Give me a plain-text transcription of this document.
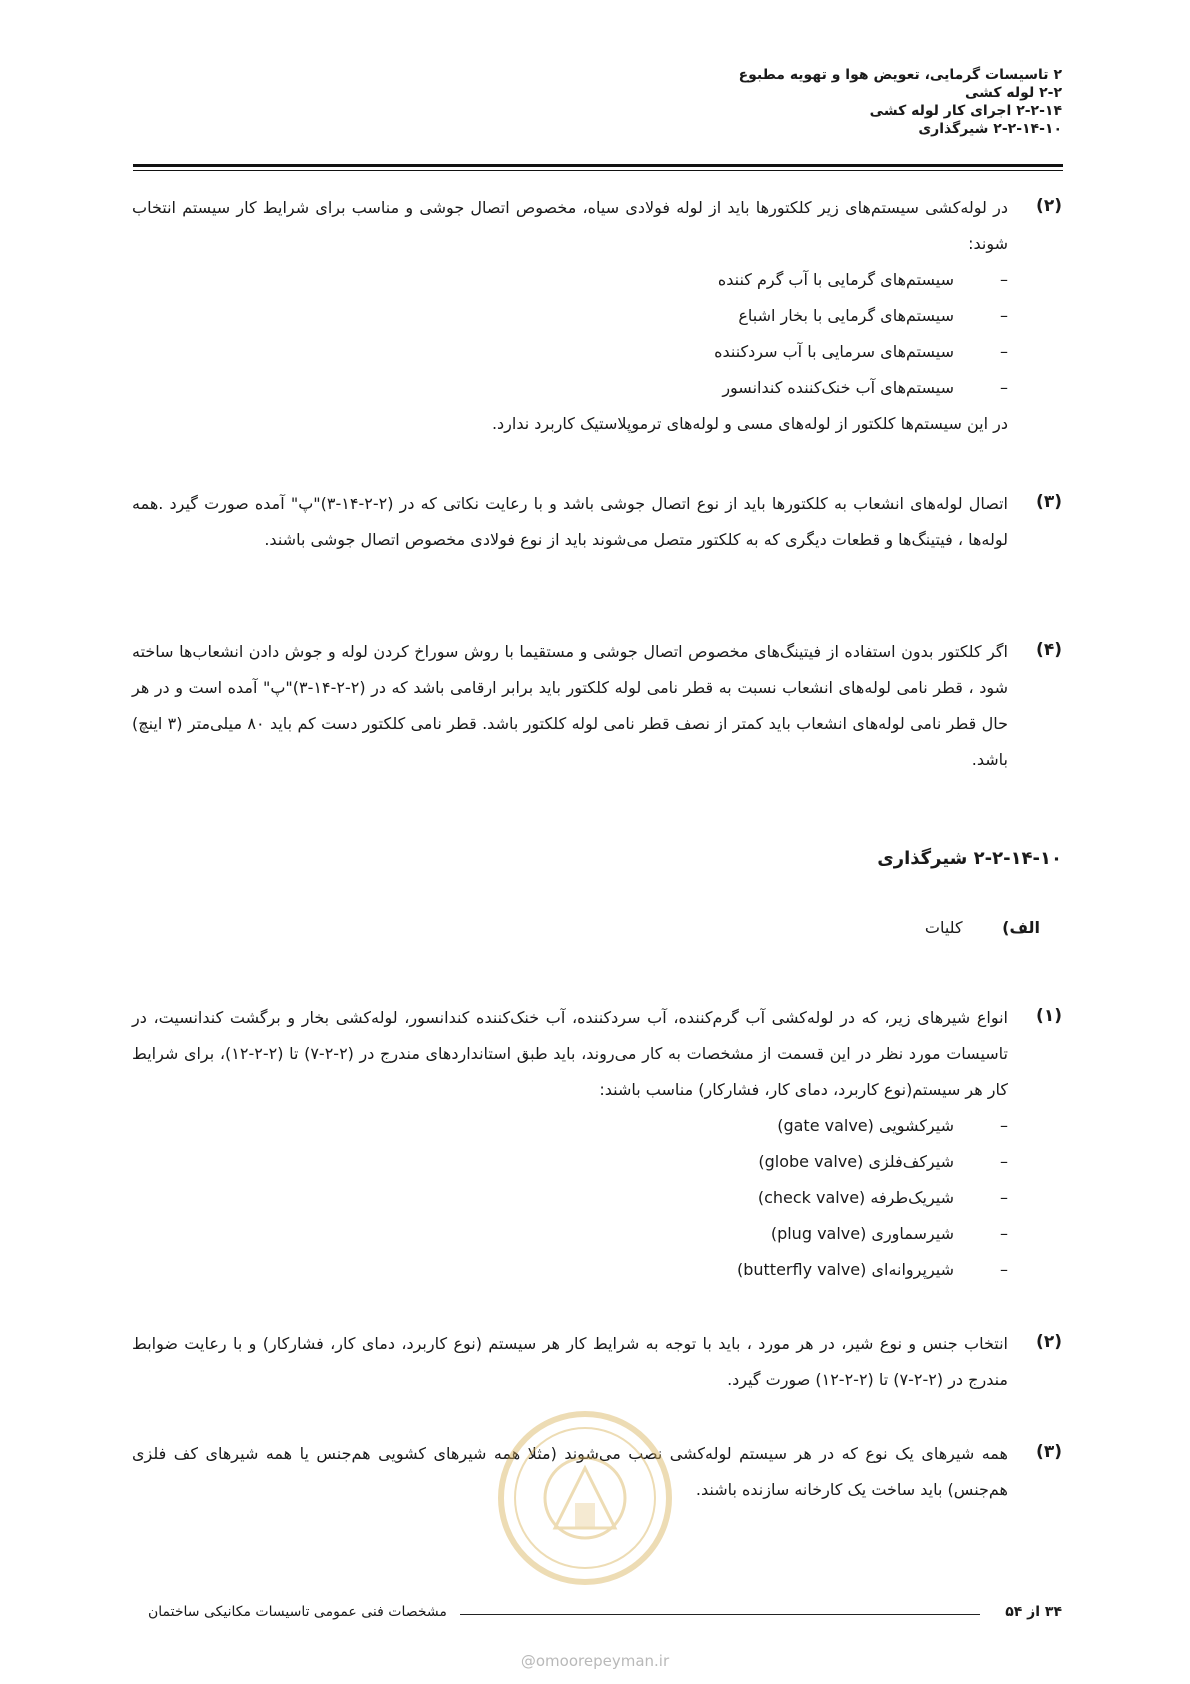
۲ تاسیسات گرمایی، تعویض هوا و تهویه مطبوع
۲-۲ لوله کشی
۲-۲-۱۴ اجرای کار لوله کشی
۲-۲-۱۴-۱۰ شیرگذاری
(۲)

در لوله‌کشی سیستم‌های زیر کلکتورها باید از لوله فولادی سیاه، مخصوص اتصال جوشی و مناسب برای شرایط کار سیستم انتخاب شوند:

– سیستم‌های گرمایی با آب گرم کننده
– سیستم‌های گرمایی با بخار اشباع
– سیستم‌های سرمایی با آب سردکننده
– سیستم‌های آب خنک‌کننده کندانسور

در این سیستم‌ها کلکتور از لوله‌های مسی و لوله‌های ترموپلاستیک کاربرد ندارد.

(۳)

اتصال لوله‌های انشعاب به کلکتورها باید از نوع اتصال جوشی باشد و با رعایت نکاتی که در (۲-۲-۱۴-۳)"پ" آمده صورت گیرد .همه لوله‌ها ، فیتینگ‌ها و قطعات دیگری که به کلکتور متصل می‌شوند باید از نوع فولادی مخصوص اتصال جوشی باشند.

(۴)

اگر کلکتور بدون استفاده از فیتینگ‌های مخصوص اتصال جوشی و مستقیما با روش سوراخ کردن لوله و جوش دادن انشعاب‌ها ساخته شود ، قطر نامی لوله‌های انشعاب نسبت به قطر نامی لوله کلکتور باید برابر ارقامی باشد که در (۲-۲-۱۴-۳)"پ" آمده است و در هر حال قطر نامی لوله‌های انشعاب باید کمتر از نصف قطر نامی لوله کلکتور باشد. قطر نامی کلکتور دست کم باید ۸۰ میلی‌متر (۳ اینچ) باشد.

۲-۲-۱۴-۱۰ شیرگذاری
الف) کلیات
(۱)

انواع شیرهای زیر، که در لوله‌کشی آب گرم‌کننده، آب سردکننده، آب خنک‌کننده کندانسور، لوله‌کشی بخار و برگشت کندانسیت، در تاسیسات مورد نظر در این قسمت از مشخصات به کار می‌روند، باید طبق استانداردهای مندرج در (۲-۲-۷) تا (۲-۲-۱۲)، برای شرایط کار هر سیستم(نوع کاربرد، دمای کار، فشارکار) مناسب باشند:

– شیرکشویی (gate valve)
– شیرکف‌فلزی (globe valve)
– شیریک‌طرفه (check valve)
– شیرسماوری (plug valve)
– شیرپروانه‌ای (butterfly valve)
(۲)

انتخاب جنس و نوع شیر، در هر مورد ، باید با توجه به شرایط کار هر سیستم (نوع کاربرد، دمای کار، فشارکار) و با رعایت ضوابط مندرج در (۲-۲-۷) تا (۲-۲-۱۲) صورت گیرد.

(۳)

همه شیرهای یک نوع که در هر سیستم لوله‌کشی نصب می‌شوند (مثلا همه شیرهای کشویی هم‌جنس یا همه شیرهای کف فلزی هم‌جنس) باید ساخت یک کارخانه سازنده باشند.

۳۴ از ۵۴
مشخصات فنی عمومی تاسیسات مکانیکی ساختمان
@omoorepeyman.ir
